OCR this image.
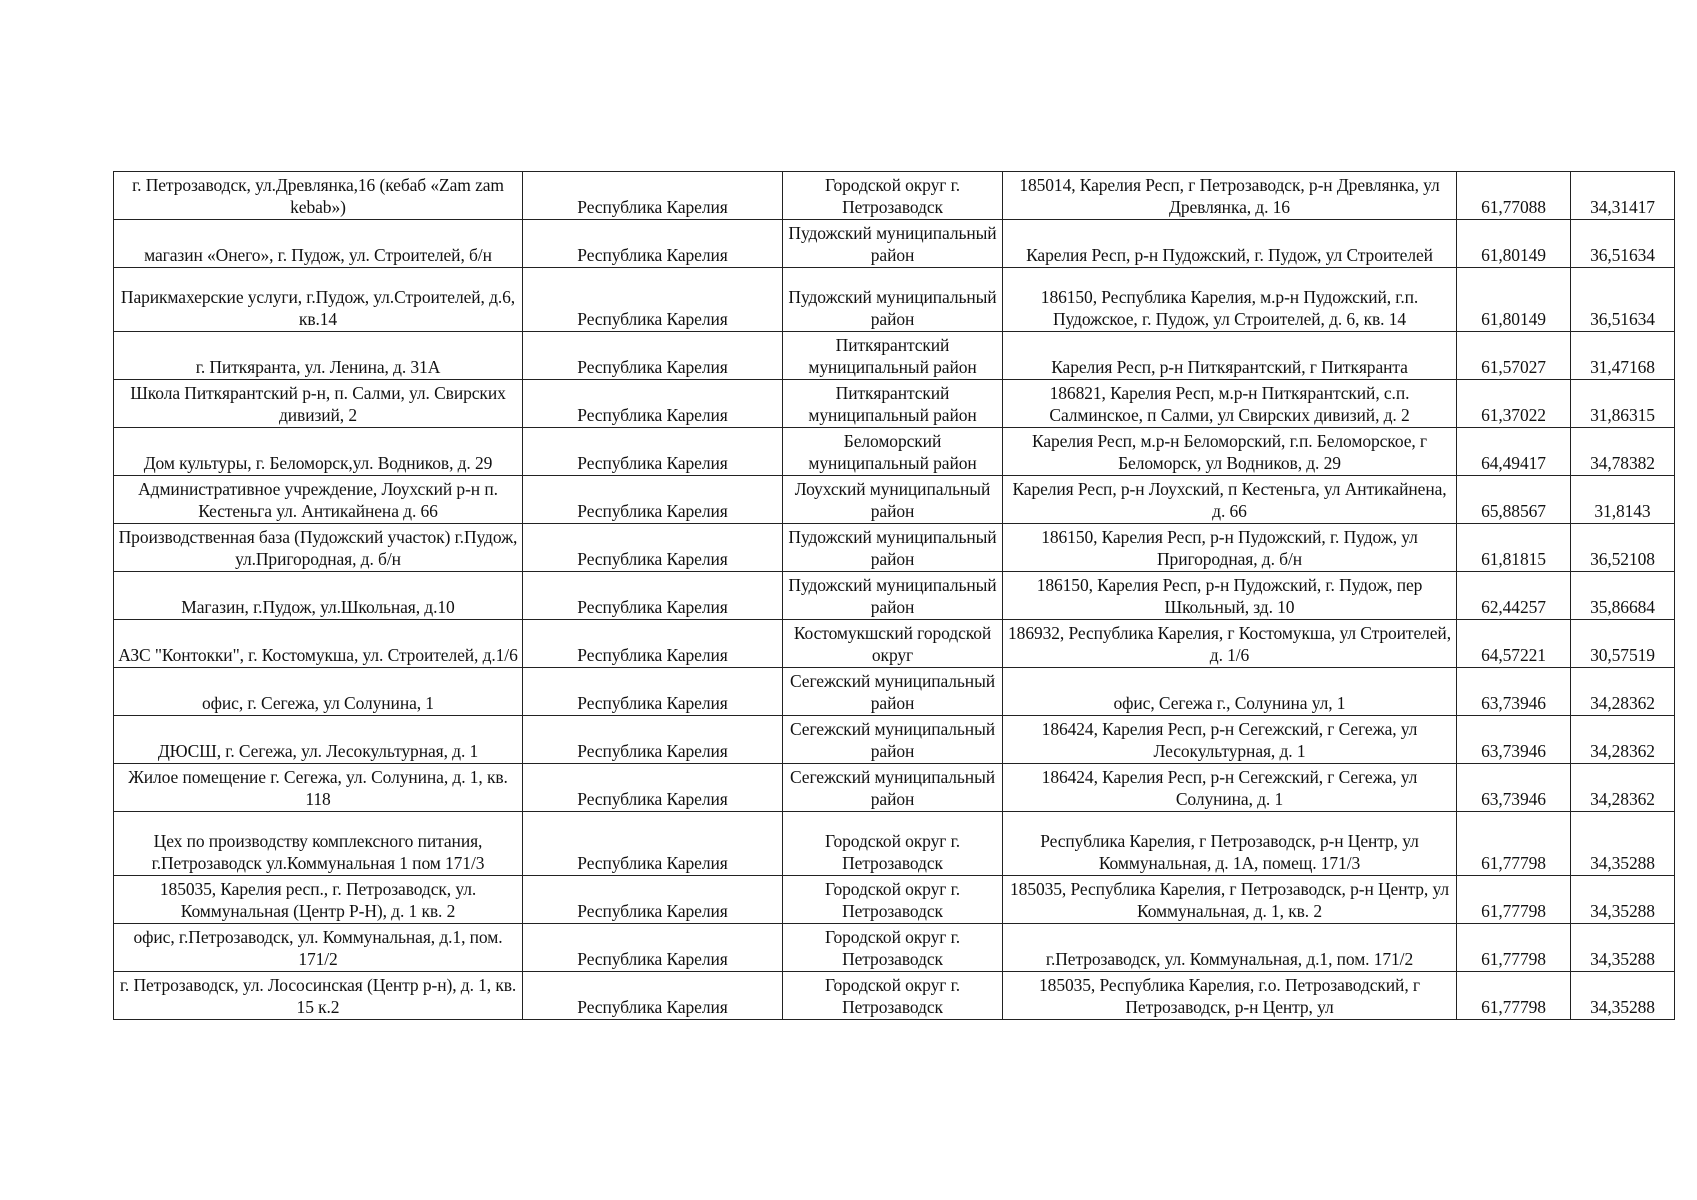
г. Петрозаводск, ул.Древлянка,16 (кебаб «Zam zam kebab»)	Республика Карелия	Городской округ г. Петрозаводск	185014, Карелия Респ, г Петрозаводск, р-н Древлянка, ул Древлянка, д. 16	61,77088	34,31417
магазин «Онего», г. Пудож, ул. Строителей, б/н	Республика Карелия	Пудожский муниципальный район	Карелия Респ, р-н Пудожский, г. Пудож, ул Строителей	61,80149	36,51634
Парикмахерские услуги, г.Пудож, ул.Строителей, д.6, кв.14	Республика Карелия	Пудожский муниципальный район	186150, Республика Карелия, м.р-н Пудожский, г.п. Пудожское, г. Пудож, ул Строителей, д. 6, кв. 14	61,80149	36,51634
г. Питкяранта, ул. Ленина, д. 31А	Республика Карелия	Питкярантский муниципальный район	Карелия Респ, р-н Питкярантский, г Питкяранта	61,57027	31,47168
Школа Питкярантский р-н, п. Салми, ул. Свирских дивизий, 2	Республика Карелия	Питкярантский муниципальный район	186821, Карелия Респ, м.р-н Питкярантский, с.п. Салминское, п Салми, ул Свирских дивизий, д. 2	61,37022	31,86315
Дом культуры, г. Беломорск,ул. Водников, д. 29	Республика Карелия	Беломорский муниципальный район	Карелия Респ, м.р-н Беломорский, г.п. Беломорское, г Беломорск, ул Водников, д. 29	64,49417	34,78382
Административное учреждение, Лоухский р-н п. Кестеньга ул. Антикайнена д. 66	Республика Карелия	Лоухский муниципальный район	Карелия Респ, р-н Лоухский, п Кестеньга, ул Антикайнена, д. 66	65,88567	31,8143
Производственная база (Пудожский участок) г.Пудож, ул.Пригородная, д. б/н	Республика Карелия	Пудожский муниципальный район	186150, Карелия Респ, р-н Пудожский, г. Пудож, ул Пригородная, д. б/н	61,81815	36,52108
Магазин, г.Пудож, ул.Школьная, д.10	Республика Карелия	Пудожский муниципальный район	186150, Карелия Респ, р-н Пудожский, г. Пудож, пер Школьный, зд. 10	62,44257	35,86684
АЗС "Контокки", г. Костомукша, ул. Строителей, д.1/6	Республика Карелия	Костомукшский городской округ	186932, Республика Карелия, г Костомукша, ул Строителей, д. 1/6	64,57221	30,57519
офис, г. Сегежа, ул Солунина, 1	Республика Карелия	Сегежский муниципальный район	офис, Сегежа г., Солунина ул, 1	63,73946	34,28362
ДЮСШ, г. Сегежа, ул. Лесокультурная, д. 1	Республика Карелия	Сегежский муниципальный район	186424, Карелия Респ, р-н Сегежский, г Сегежа, ул Лесокультурная, д. 1	63,73946	34,28362
Жилое помещение г. Сегежа, ул. Солунина, д. 1, кв. 118	Республика Карелия	Сегежский муниципальный район	186424, Карелия Респ, р-н Сегежский, г Сегежа, ул Солунина, д. 1	63,73946	34,28362
Цех по производству комплексного питания, г.Петрозаводск ул.Коммунальная 1 пом 171/3	Республика Карелия	Городской округ г. Петрозаводск	Республика Карелия, г Петрозаводск, р-н Центр, ул Коммунальная, д. 1А, помещ. 171/3	61,77798	34,35288
185035, Карелия респ., г. Петрозаводск, ул. Коммунальная (Центр Р-Н), д. 1 кв. 2	Республика Карелия	Городской округ г. Петрозаводск	185035, Республика Карелия, г Петрозаводск, р-н Центр, ул Коммунальная, д. 1, кв. 2	61,77798	34,35288
офис, г.Петрозаводск, ул. Коммунальная, д.1, пом. 171/2	Республика Карелия	Городской округ г. Петрозаводск	г.Петрозаводск, ул. Коммунальная, д.1, пом. 171/2	61,77798	34,35288
г. Петрозаводск, ул. Лососинская (Центр р-н), д. 1, кв. 15 к.2	Республика Карелия	Городской округ г. Петрозаводск	185035, Республика Карелия, г.о. Петрозаводский, г Петрозаводск, р-н Центр, ул	61,77798	34,35288
